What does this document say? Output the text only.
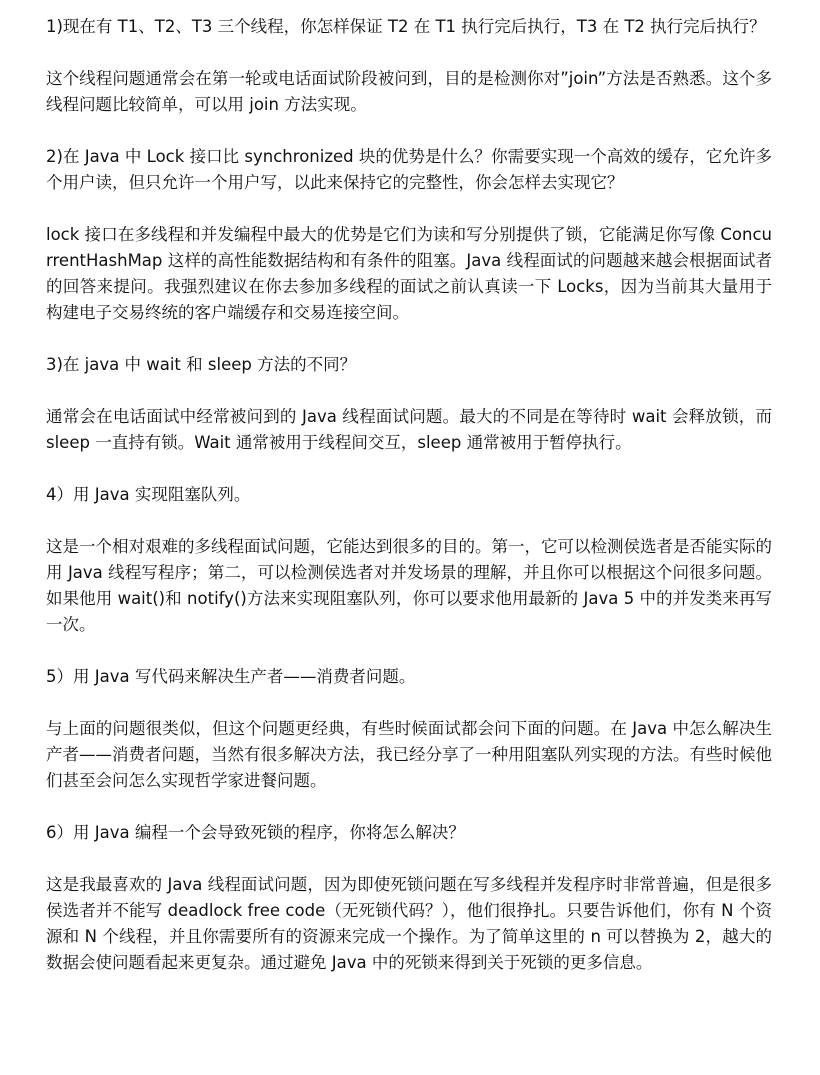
1)现在有 T1、T2、T3 三个线程，你怎样保证 T2 在 T1 执行完后执行，T3 在 T2 执行完后执行？

这个线程问题通常会在第一轮或电话面试阶段被问到，目的是检测你对”join”方法是否熟悉。这个多线程问题比较简单，可以用 join 方法实现。

2)在 Java 中 Lock 接口比 synchronized 块的优势是什么？你需要实现一个高效的缓存，它允许多个用户读，但只允许一个用户写，以此来保持它的完整性，你会怎样去实现它？

lock 接口在多线程和并发编程中最大的优势是它们为读和写分别提供了锁，它能满足你写像 ConcurrentHashMap 这样的高性能数据结构和有条件的阻塞。Java 线程面试的问题越来越会根据面试者的回答来提问。我强烈建议在你去参加多线程的面试之前认真读一下 Locks，因为当前其大量用于构建电子交易终统的客户端缓存和交易连接空间。

3)在 java 中 wait 和 sleep 方法的不同？

通常会在电话面试中经常被问到的 Java 线程面试问题。最大的不同是在等待时 wait 会释放锁，而 sleep 一直持有锁。Wait 通常被用于线程间交互，sleep 通常被用于暂停执行。

4）用 Java 实现阻塞队列。

这是一个相对艰难的多线程面试问题，它能达到很多的目的。第一，它可以检测侯选者是否能实际的用 Java 线程写程序；第二，可以检测侯选者对并发场景的理解，并且你可以根据这个问很多问题。如果他用 wait()和 notify()方法来实现阻塞队列，你可以要求他用最新的 Java 5 中的并发类来再写一次。

5）用 Java 写代码来解决生产者——消费者问题。

与上面的问题很类似，但这个问题更经典，有些时候面试都会问下面的问题。在 Java 中怎么解决生产者——消费者问题，当然有很多解决方法，我已经分享了一种用阻塞队列实现的方法。有些时候他们甚至会问怎么实现哲学家进餐问题。

6）用 Java 编程一个会导致死锁的程序，你将怎么解决？

这是我最喜欢的 Java 线程面试问题，因为即使死锁问题在写多线程并发程序时非常普遍，但是很多侯选者并不能写 deadlock free code（无死锁代码？），他们很挣扎。只要告诉他们，你有 N 个资源和 N 个线程，并且你需要所有的资源来完成一个操作。为了简单这里的 n 可以替换为 2，越大的数据会使问题看起来更复杂。通过避免 Java 中的死锁来得到关于死锁的更多信息。
